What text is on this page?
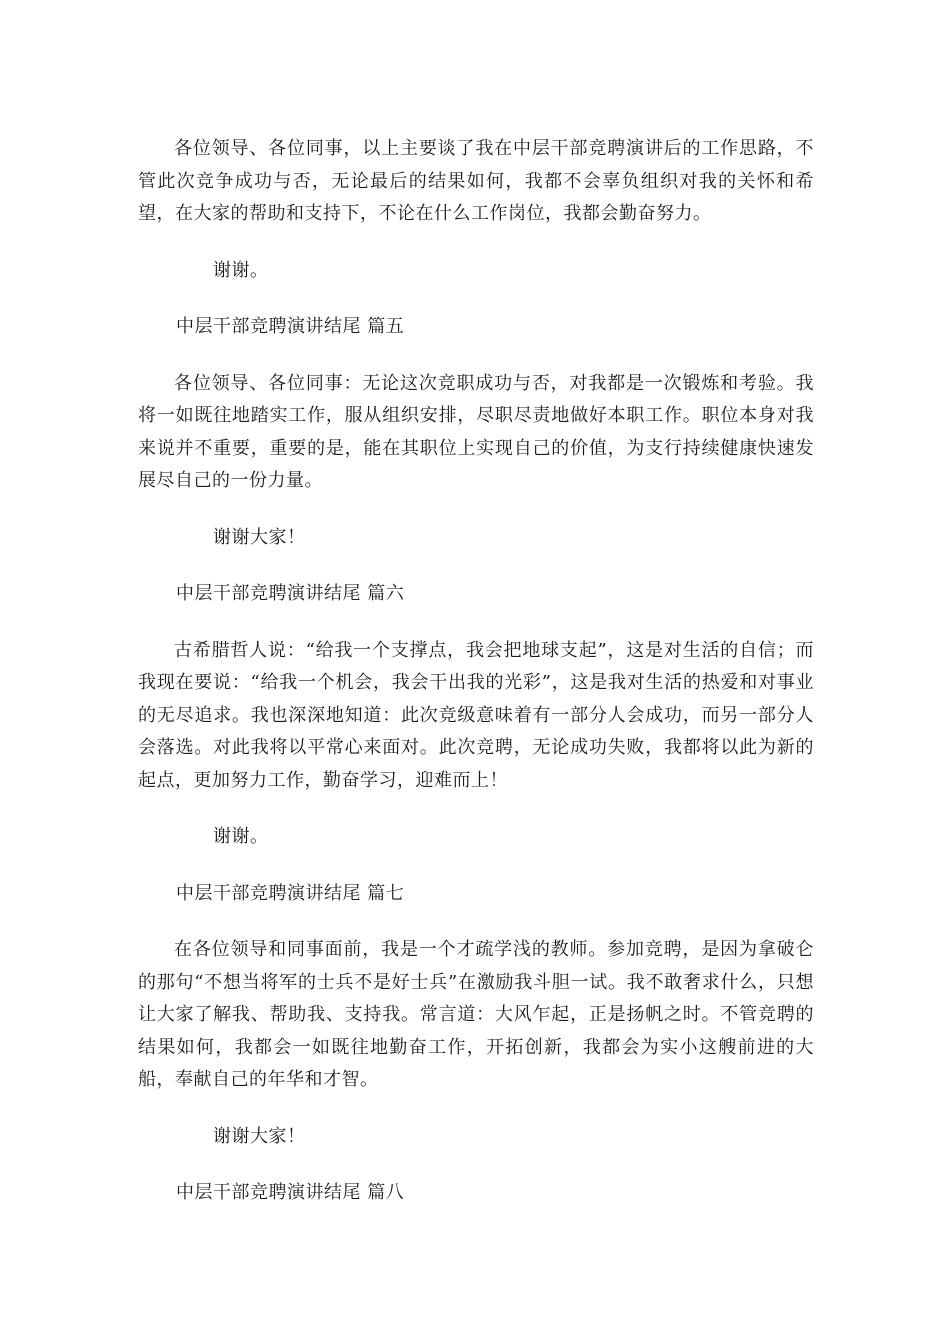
各位领导、各位同事，以上主要谈了我在中层干部竞聘演讲后的工作思路，不管此次竞争成功与否，无论最后的结果如何，我都不会辜负组织对我的关怀和希望，在大家的帮助和支持下，不论在什么工作岗位，我都会勤奋努力。

谢谢。

中层干部竞聘演讲结尾 篇五

各位领导、各位同事：无论这次竞职成功与否，对我都是一次锻炼和考验。我将一如既往地踏实工作，服从组织安排，尽职尽责地做好本职工作。职位本身对我来说并不重要，重要的是，能在其职位上实现自己的价值，为支行持续健康快速发展尽自己的一份力量。

谢谢大家！

中层干部竞聘演讲结尾 篇六

古希腊哲人说：“给我一个支撑点，我会把地球支起”，这是对生活的自信；而我现在要说：“给我一个机会，我会干出我的光彩”，这是我对生活的热爱和对事业的无尽追求。我也深深地知道：此次竞级意味着有一部分人会成功，而另一部分人会落选。对此我将以平常心来面对。此次竞聘，无论成功失败，我都将以此为新的起点，更加努力工作，勤奋学习，迎难而上！

谢谢。

中层干部竞聘演讲结尾 篇七

在各位领导和同事面前，我是一个才疏学浅的教师。参加竞聘，是因为拿破仑的那句“不想当将军的士兵不是好士兵”在激励我斗胆一试。我不敢奢求什么，只想让大家了解我、帮助我、支持我。常言道：大风乍起，正是扬帆之时。不管竞聘的结果如何，我都会一如既往地勤奋工作，开拓创新，我都会为实小这艘前进的大船，奉献自己的年华和才智。

谢谢大家！

中层干部竞聘演讲结尾 篇八
